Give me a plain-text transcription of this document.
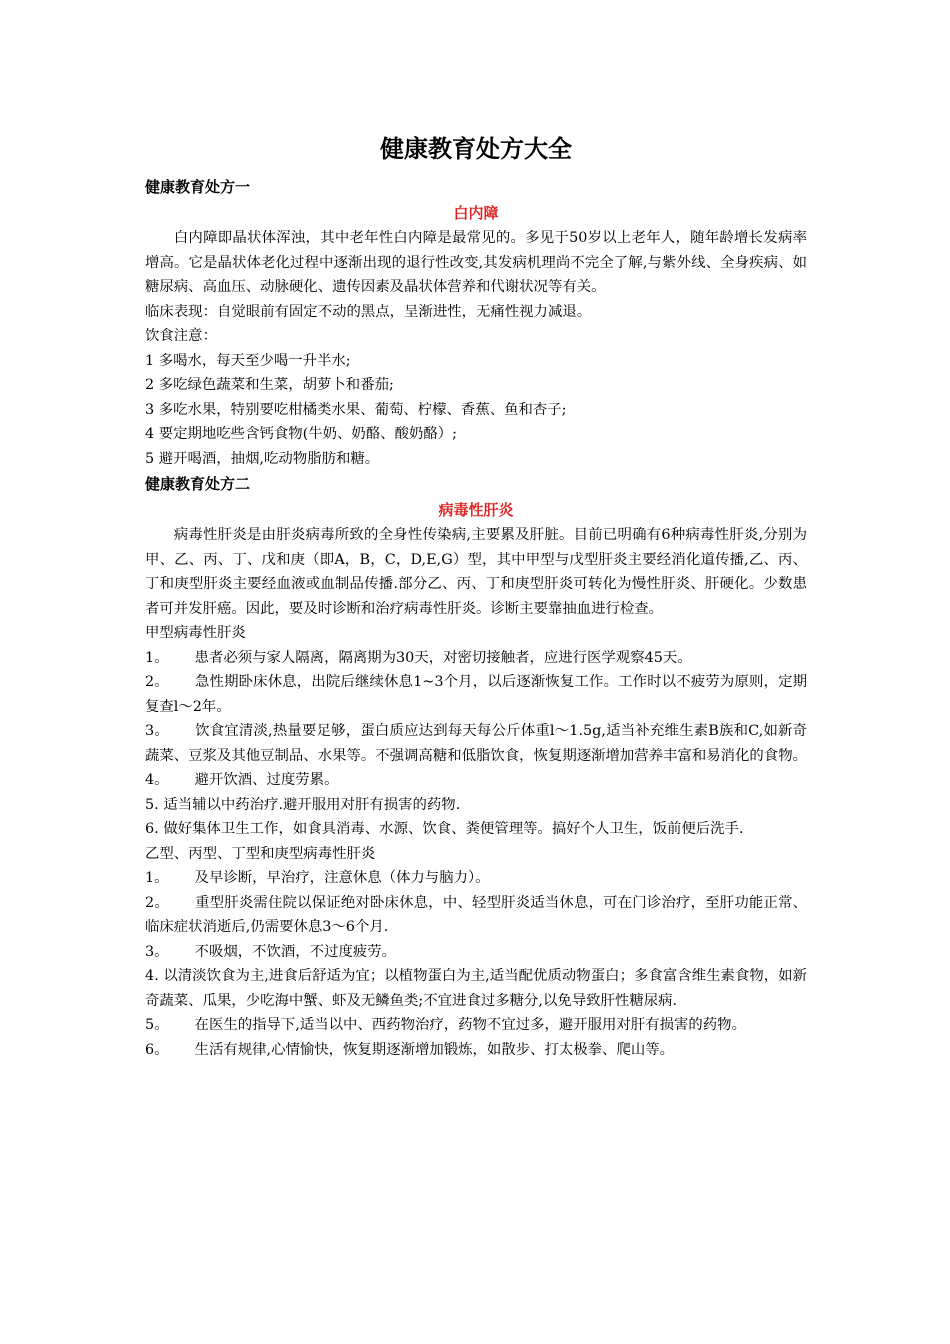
健康教育处方大全
健康教育处方一
白内障

白内障即晶状体浑浊，其中老年性白内障是最常见的。多见于50岁以上老年人，随年龄增长发病率增高。它是晶状体老化过程中逐渐出现的退行性改变,其发病机理尚不完全了解,与紫外线、全身疾病、如糖尿病、高血压、动脉硬化、遗传因素及晶状体营养和代谢状况等有关。

临床表现：自觉眼前有固定不动的黑点，呈渐进性，无痛性视力减退。

饮食注意：

1 多喝水，每天至少喝一升半水;

2 多吃绿色蔬菜和生菜，胡萝卜和番茄;

3 多吃水果，特别要吃柑橘类水果、葡萄、柠檬、香蕉、鱼和杏子;

4 要定期地吃些含钙食物(牛奶、奶酪、酸奶酪）;

5 避开喝酒，抽烟,吃动物脂肪和糖。

健康教育处方二
病毒性肝炎

病毒性肝炎是由肝炎病毒所致的全身性传染病,主要累及肝脏。目前已明确有6种病毒性肝炎,分别为甲、乙、丙、丁、戊和庚（即A，B，C，D,E,G）型，其中甲型与戊型肝炎主要经消化道传播,乙、丙、丁和庚型肝炎主要经血液或血制品传播.部分乙、丙、丁和庚型肝炎可转化为慢性肝炎、肝硬化。少数患者可并发肝癌。因此，要及时诊断和治疗病毒性肝炎。诊断主要靠抽血进行检查。

甲型病毒性肝炎

1。 患者必须与家人隔离，隔离期为30天，对密切接触者，应进行医学观察45天。

2。 急性期卧床休息，出院后继续休息1~3个月，以后逐渐恢复工作。工作时以不疲劳为原则，定期复查l～2年。

3。 饮食宜清淡,热量要足够，蛋白质应达到每天每公斤体重l～1.5g,适当补充维生素B族和C,如新奇蔬菜、豆浆及其他豆制品、水果等。不强调高糖和低脂饮食，恢复期逐渐增加营养丰富和易消化的食物。

4。 避开饮酒、过度劳累。

5. 适当辅以中药治疗.避开服用对肝有损害的药物.

6. 做好集体卫生工作，如食具消毒、水源、饮食、粪便管理等。搞好个人卫生，饭前便后洗手.

乙型、丙型、丁型和庚型病毒性肝炎

1。 及早诊断，早治疗，注意休息（体力与脑力）。

2。 重型肝炎需住院以保证绝对卧床休息，中、轻型肝炎适当休息，可在门诊治疗，至肝功能正常、临床症状消逝后,仍需要休息3～6个月.

3。 不吸烟，不饮酒，不过度疲劳。

4. 以清淡饮食为主,进食后舒适为宜；以植物蛋白为主,适当配优质动物蛋白；多食富含维生素食物，如新奇蔬菜、瓜果，少吃海中蟹、虾及无鳞鱼类;不宜进食过多糖分,以免导致肝性糖尿病.

5。 在医生的指导下,适当以中、西药物治疗，药物不宜过多，避开服用对肝有损害的药物。

6。 生活有规律,心情愉快，恢复期逐渐增加锻炼，如散步、打太极拳、爬山等。
